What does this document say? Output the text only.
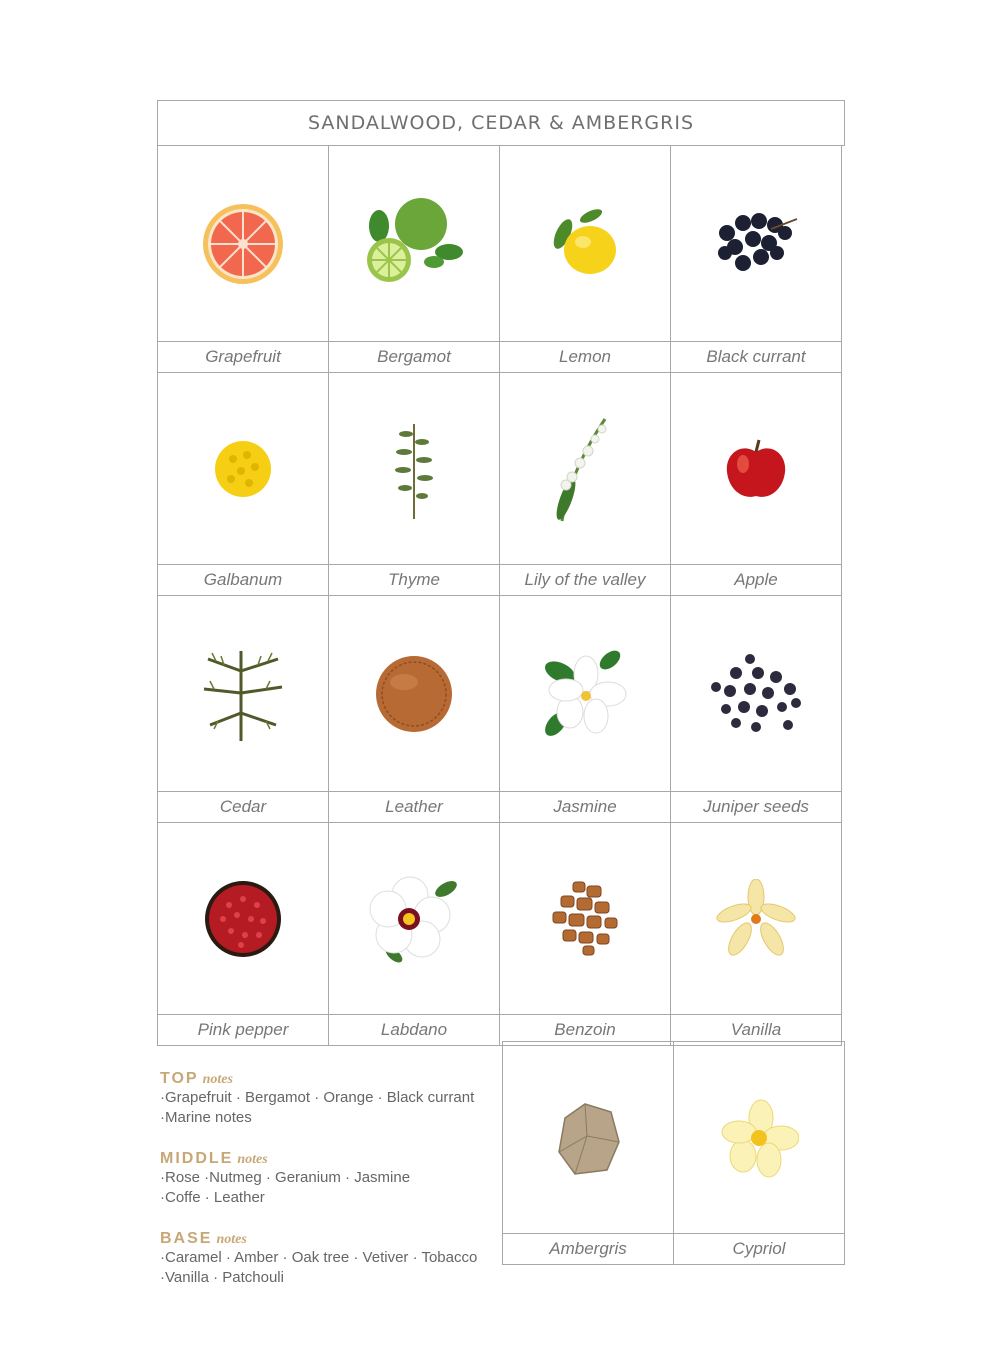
SANDALWOOD, CEDAR & AMBERGRIS
Grapefruit	Bergamot	Lemon	Black currant
Galbanum	Thyme	Lily of the valley	Apple
Cedar	Leather	Jasmine	Juniper seeds
Pink pepper	Labdano	Benzoin	Vanilla
TOP notes
·Grapefruit · Bergamot · Orange · Black currant
·Marine notes
MIDDLE notes
·Rose ·Nutmeg · Geranium · Jasmine
·Coffe · Leather
BASE notes
·Caramel · Amber · Oak tree · Vetiver · Tobacco
·Vanilla · Patchouli
Ambergris	Cypriol
